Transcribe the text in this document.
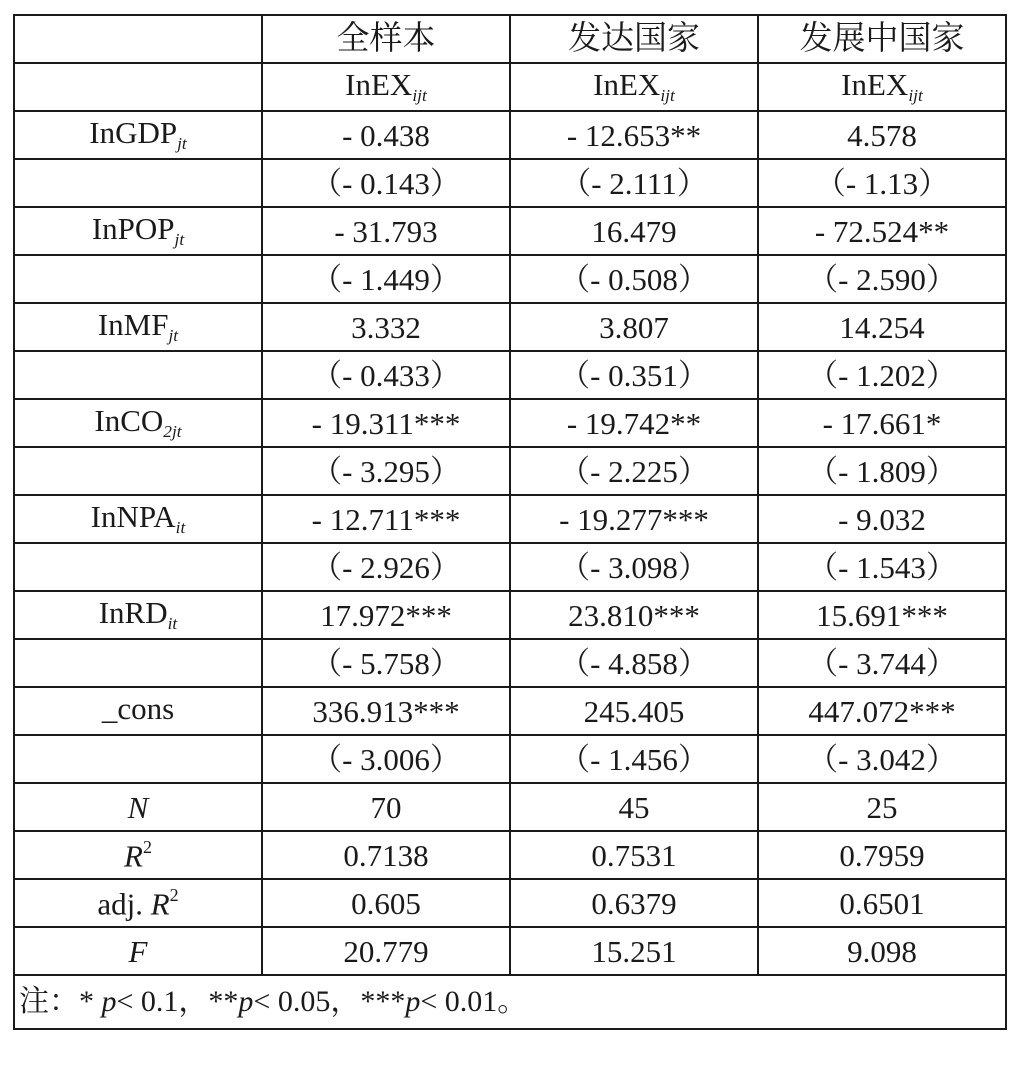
	全样本	发达国家	发展中国家
	InEX$_{ijt}$	InEX$_{ijt}$	InEX$_{ijt}$
InGDP$_{jt}$	- 0.438	- 12.653**	4.578
	（- 0.143）	（- 2.111）	（- 1.13）
InPOP$_{jt}$	- 31.793	16.479	- 72.524**
	（- 1.449）	（- 0.508）	（- 2.590）
InMF$_{jt}$	3.332	3.807	14.254
	（- 0.433）	（- 0.351）	（- 1.202）
InCO$_{2jt}$	- 19.311***	- 19.742**	- 17.661*
	（- 3.295）	（- 2.225）	（- 1.809）
InNPA$_{it}$	- 12.711***	- 19.277***	- 9.032
	（- 2.926）	（- 3.098）	（- 1.543）
InRD$_{it}$	17.972***	23.810***	15.691***
	（- 5.758）	（- 4.858）	（- 3.744）
_cons	336.913***	245.405	447.072***
	（- 3.006）	（- 1.456）	（- 3.042）
N	70	45	25
$R^2$	0.7138	0.7531	0.7959
adj. $R^2$	0.605	0.6379	0.6501
F	20.779	15.251	9.098
注：* p< 0.1，**p< 0.05，***p< 0.01。			
